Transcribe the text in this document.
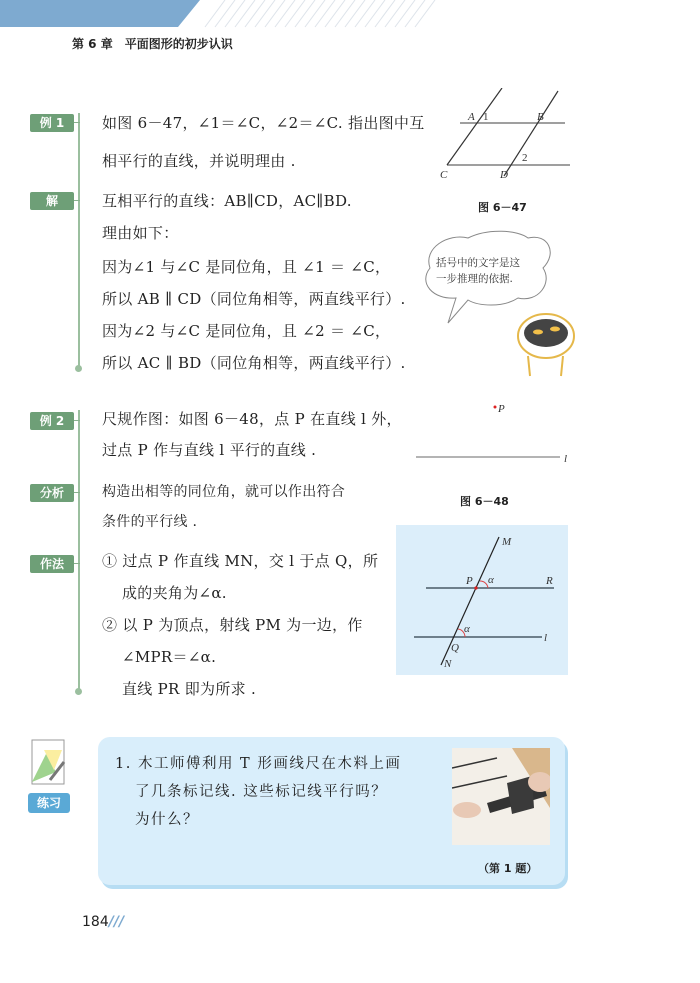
第 6 章　平面图形的初步认识
例 1	如图 6－47，∠1＝∠C，∠2＝∠C. 指出图中互
相平行的直线，并说明理由 .
解	互相平行的直线：AB∥CD，AC∥BD.
理由如下：
因为∠1 与∠C 是同位角，且 ∠1 ＝ ∠C，
所以 AB ∥ CD（同位角相等，两直线平行）.
因为∠2 与∠C 是同位角，且 ∠2 ＝ ∠C，
所以 AC ∥ BD（同位角相等，两直线平行）.
A 1	B
2
C	D
图 6－47
括号中的文字是这
一步推理的依据.
例 2	尺规作图：如图 6－48，点 P 在直线 l 外，
过点 P 作与直线 l 平行的直线 .
分析	构造出相等的同位角，就可以作出符合
条件的平行线 .
作法	① 过点 P 作直线 MN，交 l 于点 Q，所
成的夹角为∠α.
② 以 P 为顶点，射线 PM 为一边，作
∠MPR＝∠α.
直线 PR 即为所求 .
P
l
图 6－48
M
P α	R
α
Q
l
N
练习
1. 木工师傅利用 T 形画线尺在木料上画
了几条标记线. 这些标记线平行吗？
为什么？
（第 1 题）
184///
